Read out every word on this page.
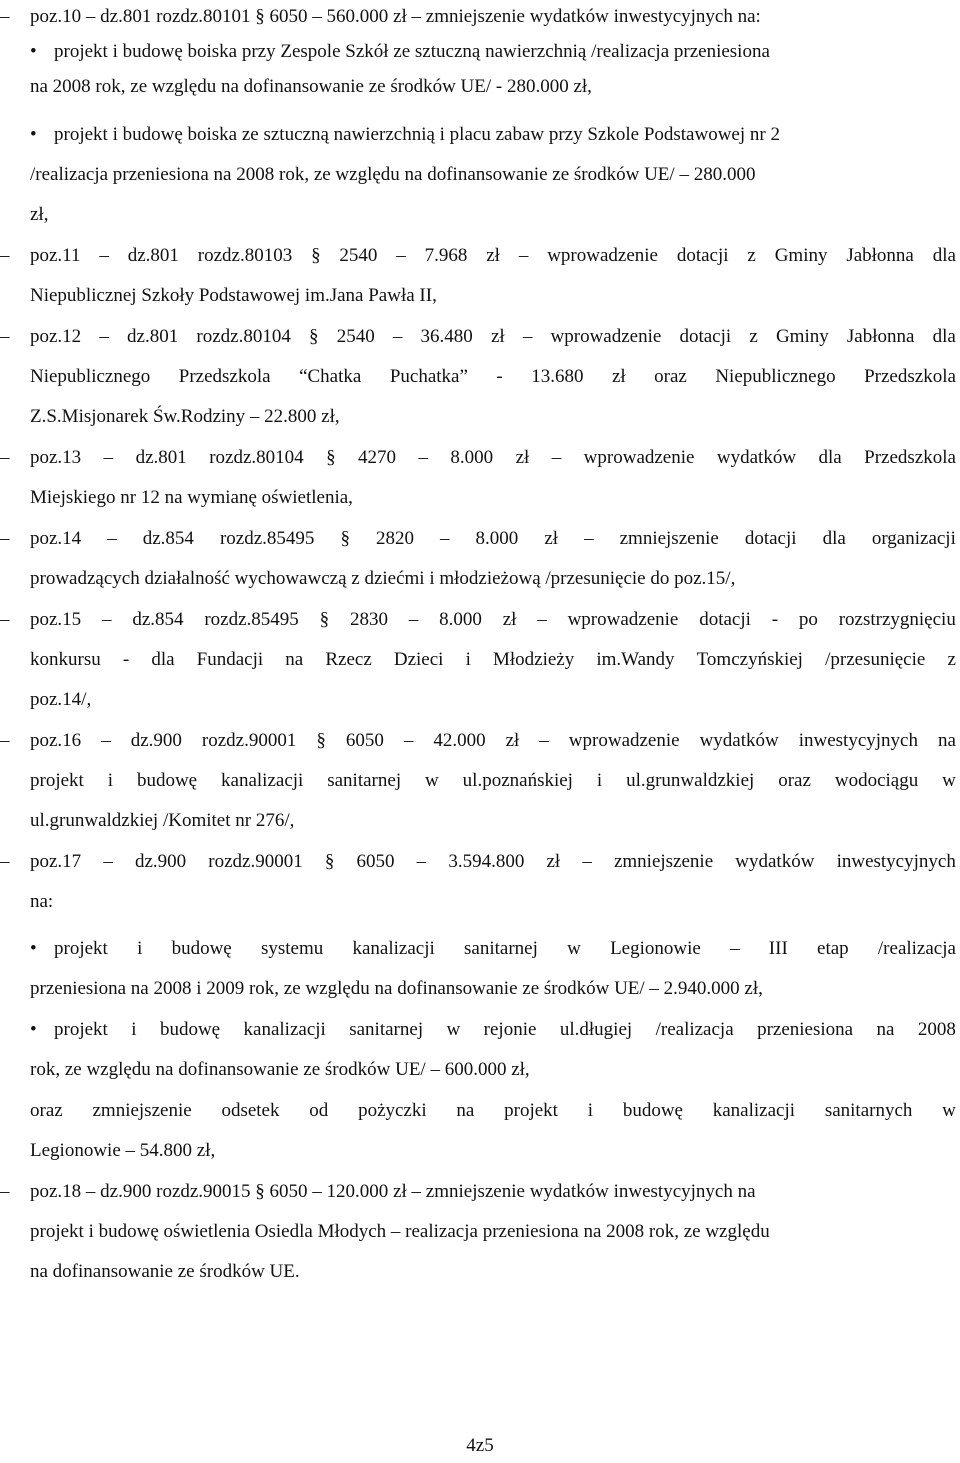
– poz.10 – dz.801 rozdz.80101 § 6050 – 560.000 zł – zmniejszenie wydatków inwestycyjnych na:
• projekt i budowę boiska przy Zespole Szkół ze sztuczną nawierzchnią /realizacja przeniesiona
na 2008 rok, ze względu na dofinansowanie ze środków UE/ - 280.000 zł,
• projekt i budowę boiska ze sztuczną nawierzchnią i placu zabaw przy Szkole Podstawowej nr 2
/realizacja przeniesiona na 2008 rok, ze względu na dofinansowanie ze środków UE/ – 280.000
zł,
– poz.11 – dz.801 rozdz.80103 § 2540 – 7.968 zł – wprowadzenie dotacji z Gminy Jabłonna dla
Niepublicznej Szkoły Podstawowej im.Jana Pawła II,
– poz.12 – dz.801 rozdz.80104 § 2540 – 36.480 zł – wprowadzenie dotacji z Gminy Jabłonna dla
Niepublicznego Przedszkola “Chatka Puchatka” - 13.680 zł oraz Niepublicznego Przedszkola
Z.S.Misjonarek Św.Rodziny – 22.800 zł,
– poz.13 – dz.801 rozdz.80104 § 4270 – 8.000 zł – wprowadzenie wydatków dla Przedszkola
Miejskiego nr 12 na wymianę oświetlenia,
– poz.14 – dz.854 rozdz.85495 § 2820 – 8.000 zł – zmniejszenie dotacji dla organizacji
prowadzących działalność wychowawczą z dziećmi i młodzieżową /przesunięcie do poz.15/,
– poz.15 – dz.854 rozdz.85495 § 2830 – 8.000 zł – wprowadzenie dotacji - po rozstrzygnięciu
konkursu - dla Fundacji na Rzecz Dzieci i Młodzieży im.Wandy Tomczyńskiej /przesunięcie z
poz.14/,
– poz.16 – dz.900 rozdz.90001 § 6050 – 42.000 zł – wprowadzenie wydatków inwestycyjnych na
projekt i budowę kanalizacji sanitarnej w ul.poznańskiej i ul.grunwaldzkiej oraz wodociągu w
ul.grunwaldzkiej /Komitet nr 276/,
– poz.17 – dz.900 rozdz.90001 § 6050 – 3.594.800 zł – zmniejszenie wydatków inwestycyjnych
na:
• projekt i budowę systemu kanalizacji sanitarnej w Legionowie – III etap /realizacja
przeniesiona na 2008 i 2009 rok, ze względu na dofinansowanie ze środków UE/ – 2.940.000 zł,
• projekt i budowę kanalizacji sanitarnej w rejonie ul.długiej /realizacja przeniesiona na 2008
rok, ze względu na dofinansowanie ze środków UE/ – 600.000 zł,
oraz zmniejszenie odsetek od pożyczki na projekt i budowę kanalizacji sanitarnych w
Legionowie – 54.800 zł,
– poz.18 – dz.900 rozdz.90015 § 6050 – 120.000 zł – zmniejszenie wydatków inwestycyjnych na
projekt i budowę oświetlenia Osiedla Młodych – realizacja przeniesiona na 2008 rok, ze względu
na dofinansowanie ze środków UE.
4z5
